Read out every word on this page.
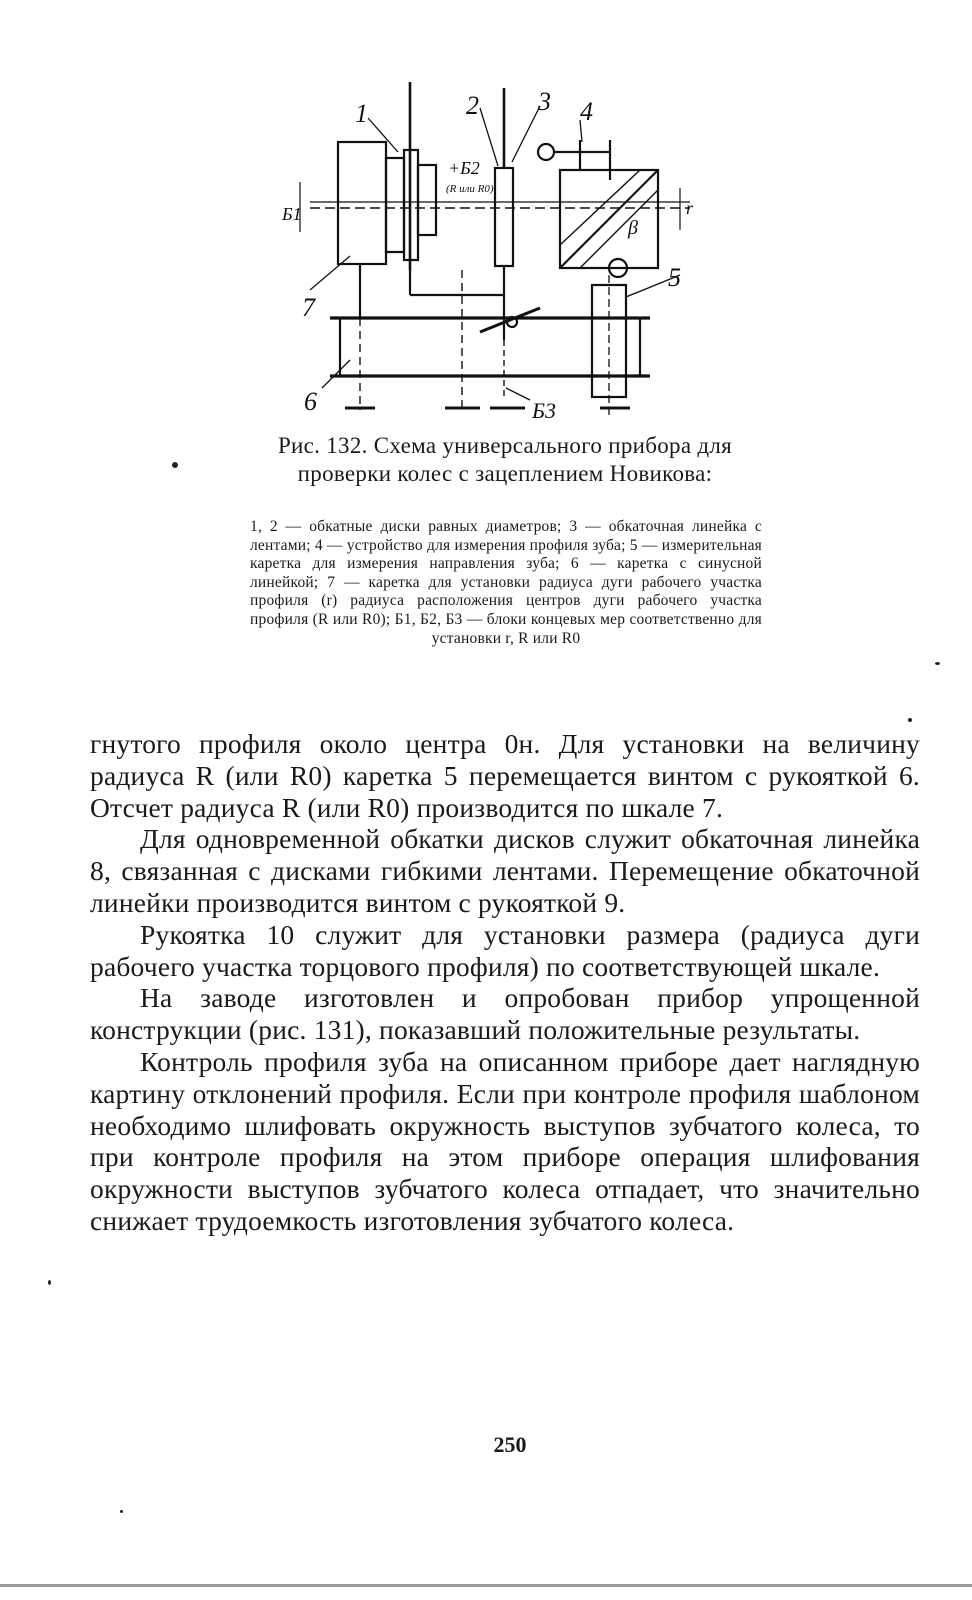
1	2 3 4
5
6
7
Б1
+Б2
(R или R0)
Б3
β
r
Рис. 132. Схема универсального прибора для проверки колес с зацеплением Новикова:
1, 2 — обкатные диски равных диаметров; 3 — обкаточная линейка с лентами; 4 — устройство для измерения профиля зуба; 5 — измерительная каретка для измерения направления зуба; 6 — каретка с синусной линейкой; 7 — каретка для установки радиуса дуги рабочего участка профиля (r) радиуса расположения центров дуги рабочего участка профиля (R или R0); Б1, Б2, Б3 — блоки концевых мер соответственно для установки r, R или R0

гнутого профиля около центра 0н. Для установки на величину радиуса R (или R0) каретка 5 перемещается винтом с рукояткой 6. Отсчет радиуса R (или R0) производится по шкале 7.

Для одновременной обкатки дисков служит обкаточная линейка 8, связанная с дисками гибкими лентами. Перемещение обкаточной линейки производится винтом с рукояткой 9.

Рукоятка 10 служит для установки размера (радиуса дуги рабочего участка торцового профиля) по соответствующей шкале.

На заводе изготовлен и опробован прибор упрощенной конструкции (рис. 131), показавший положительные результаты.

Контроль профиля зуба на описанном приборе дает наглядную картину отклонений профиля. Если при контроле профиля шаблоном необходимо шлифовать окружность выступов зубчатого колеса, то при контроле профиля на этом приборе операция шлифования окружности выступов зубчатого колеса отпадает, что значительно снижает трудоемкость изготовления зубчатого колеса.

250
